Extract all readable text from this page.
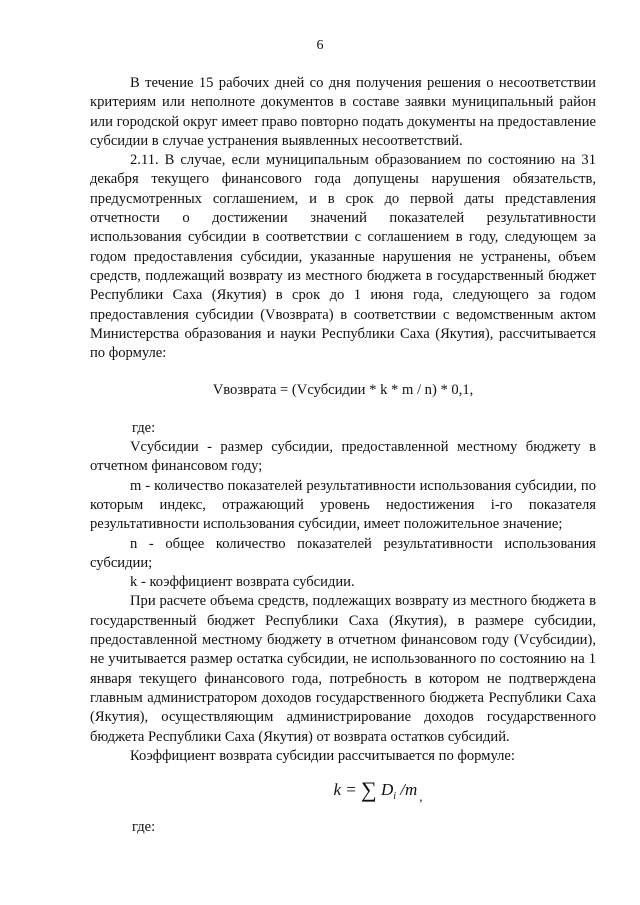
6

В течение 15 рабочих дней со дня получения решения о несоответствии критериям или неполноте документов в составе заявки муниципальный район или городской округ имеет право повторно подать документы на предоставление субсидии в случае устранения выявленных несоответствий.

2.11. В случае, если муниципальным образованием по состоянию на 31 декабря текущего финансового года допущены нарушения обязательств, предусмотренных соглашением, и в срок до первой даты представления отчетности о достижении значений показателей результативности использования субсидии в соответствии с соглашением в году, следующем за годом предоставления субсидии, указанные нарушения не устранены, объем средств, подлежащий возврату из местного бюджета в государственный бюджет Республики Саха (Якутия) в срок до 1 июня года, следующего за годом предоставления субсидии (Vвозврата) в соответствии с ведомственным актом Министерства образования и науки Республики Саха (Якутия), рассчитывается по формуле:

Vвозврата = (Vсубсидии * k * m / n) * 0,1,

где:

Vсубсидии - размер субсидии, предоставленной местному бюджету в отчетном финансовом году;

m - количество показателей результативности использования субсидии, по которым индекс, отражающий уровень недостижения i-го показателя результативности использования субсидии, имеет положительное значение;

n - общее количество показателей результативности использования субсидии;

k - коэффициент возврата субсидии.

При расчете объема средств, подлежащих возврату из местного бюджета в государственный бюджет Республики Саха (Якутия), в размере субсидии, предоставленной местному бюджету в отчетном финансовом году (Vсубсидии), не учитывается размер остатка субсидии, не использованного по состоянию на 1 января текущего финансового года, потребность в котором не подтверждена главным администратором доходов государственного бюджета Республики Саха (Якутия), осуществляющим администрирование доходов государственного бюджета Республики Саха (Якутия) от возврата остатков субсидий.

Коэффициент возврата субсидии рассчитывается по формуле:

k = ∑ $D_i$ /m $_,$

где:
